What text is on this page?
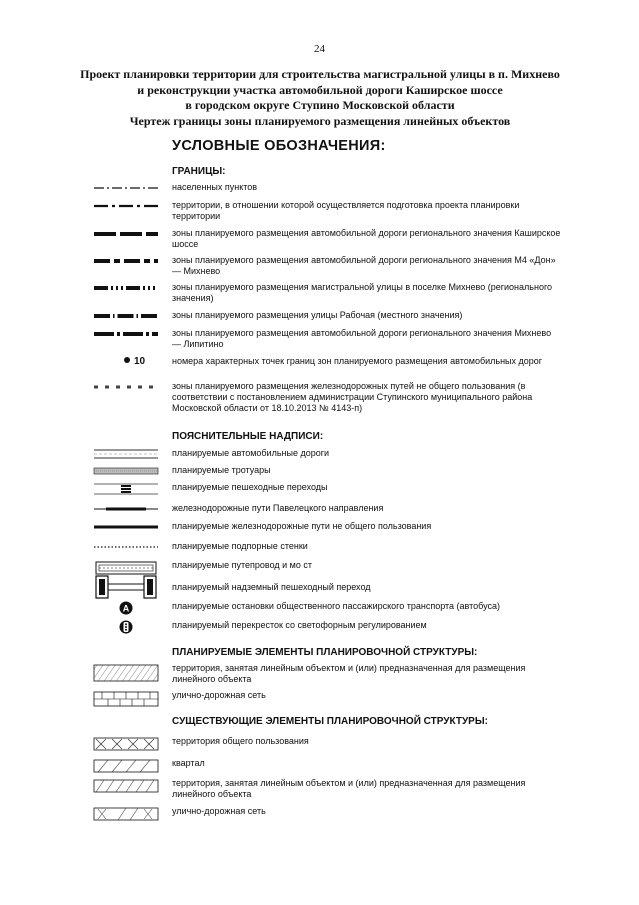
24
Проект планировки территории для строительства магистральной улицы в п. Михнево
и реконструкции участка автомобильной дороги Каширское шоссе
в городском округе Ступино Московской области
Чертеж границы зоны планируемого размещения линейных объектов
УСЛОВНЫЕ ОБОЗНАЧЕНИЯ:
ГРАНИЦЫ:
населенных пунктов
территории, в отношении которой осуществляется подготовка проекта планировки территории
зоны планируемого размещения автомобильной дороги регионального значения Каширское шоссе
зоны планируемого размещения автомобильной дороги регионального значения М4 «Дон» — Михнево
зоны планируемого размещения магистральной улицы в поселке Михнево (регионального значения)
зоны планируемого размещения улицы Рабочая (местного значения)
зоны планируемого размещения автомобильной дороги регионального значения Михнево — Липитино
10	номера характерных точек границ зон планируемого размещения автомобильных дорог
зоны планируемого размещения железнодорожных путей не общего пользования (в соответствии с постановлением администрации Ступинского муниципального района Московской области от 18.10.2013 № 4143-п)
ПОЯСНИТЕЛЬНЫЕ НАДПИСИ:
планируемые автомобильные дороги
планируемые тротуары
планируемые пешеходные переходы
железнодорожные пути Павелецкого направления
планируемые железнодорожные пути не общего пользования
планируемые подпорные стенки
планируемые путепровод и мо ст
планируемый надземный пешеходный переход
A	планируемые остановки общественного пассажирского транспорта (автобуса)
планируемый перекресток со светофорным регулированием
ПЛАНИРУЕМЫЕ ЭЛЕМЕНТЫ ПЛАНИРОВОЧНОЙ СТРУКТУРЫ:
территория, занятая линейным объектом и (или) предназначенная для размещения линейного объекта
улично-дорожная сеть
СУЩЕСТВУЮЩИЕ ЭЛЕМЕНТЫ ПЛАНИРОВОЧНОЙ СТРУКТУРЫ:
территория общего пользования
квартал
территория, занятая линейным объектом и (или) предназначенная для размещения линейного объекта
улично-дорожная сеть
